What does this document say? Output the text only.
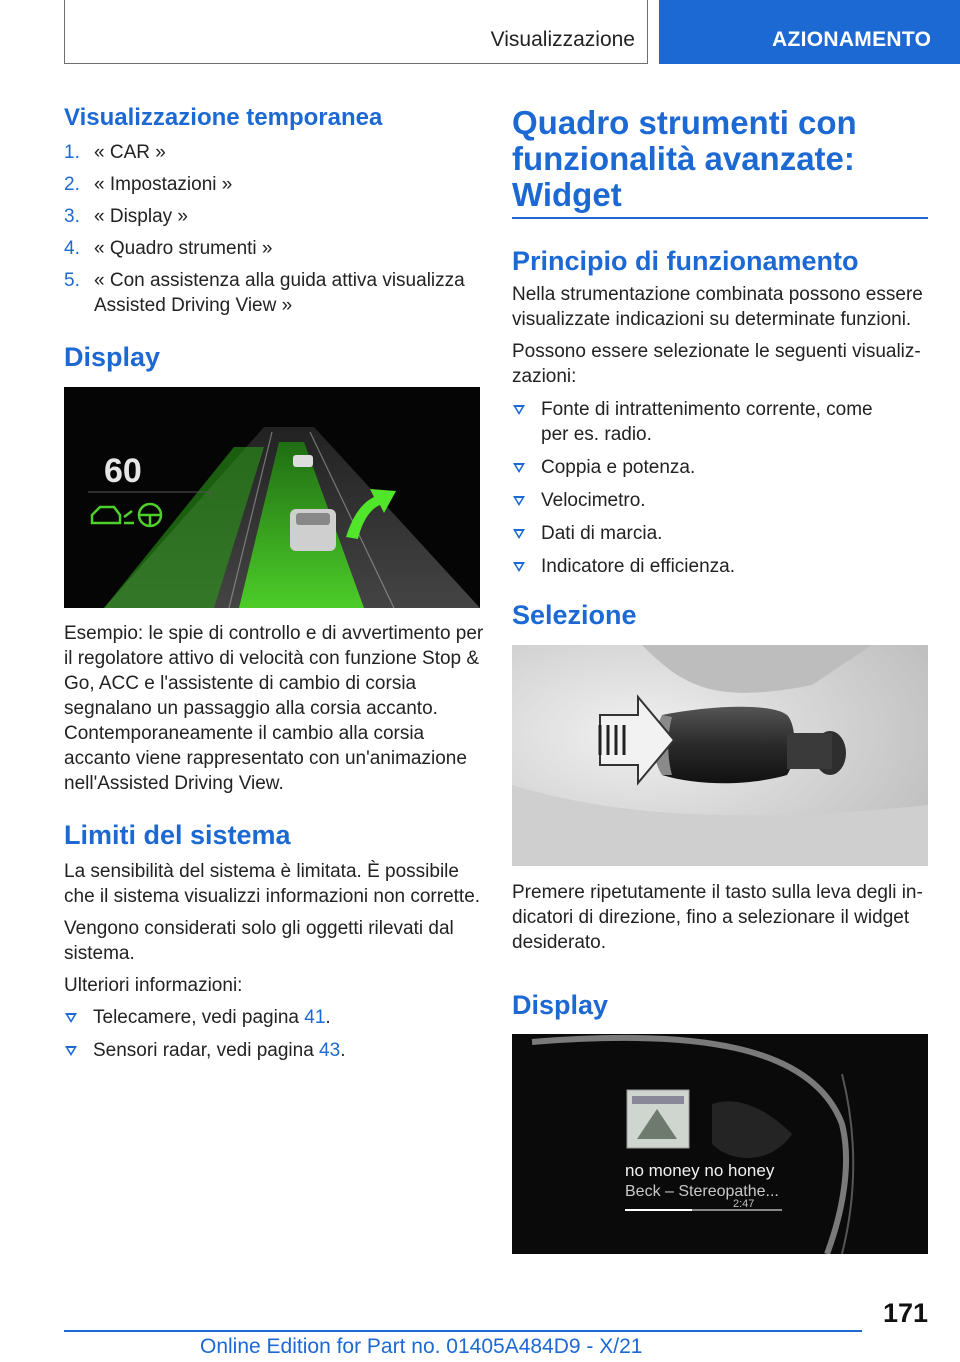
Visualizzazione	AZIONAMENTO
Visualizzazione temporanea
1. « CAR »
2. « Impostazioni »
3. « Display »
4. « Quadro strumenti »
5. « Con assistenza alla guida attiva visualizza Assisted Driving View »
Display
60

Esempio: le spie di controllo e di avvertimento per il regolatore attivo di velocità con funzione Stop & Go, ACC e l'assistente di cambio di corsia segnalano un passaggio alla corsia accanto. Contemporaneamente il cambio alla corsia accanto viene rappresentato con un'animazione nell'Assisted Driving View.

Limiti del sistema

La sensibilità del sistema è limitata. È possibile che il sistema visualizzi informazioni non corrette.

Vengono considerati solo gli oggetti rilevati dal sistema.

Ulteriori informazioni:

Telecamere, vedi pagina 41.
Sensori radar, vedi pagina 43.
Quadro strumenti con
funzionalità avanzate:
Widget
Principio di funzionamento

Nella strumentazione combinata possono essere visualizzate indicazioni su determinate funzioni.

Possono essere selezionate le seguenti visualizzazioni:

Fonte di intrattenimento corrente, come per es. radio.
Coppia e potenza.
Velocimetro.
Dati di marcia.
Indicatore di efficienza.
Selezione

Premere ripetutamente il tasto sulla leva degli indicatori di direzione, fino a selezionare il widget desiderato.

Display
no money no honey
Beck – Stereopathe...
2:47
171
Online Edition for Part no. 01405A484D9 - X/21
